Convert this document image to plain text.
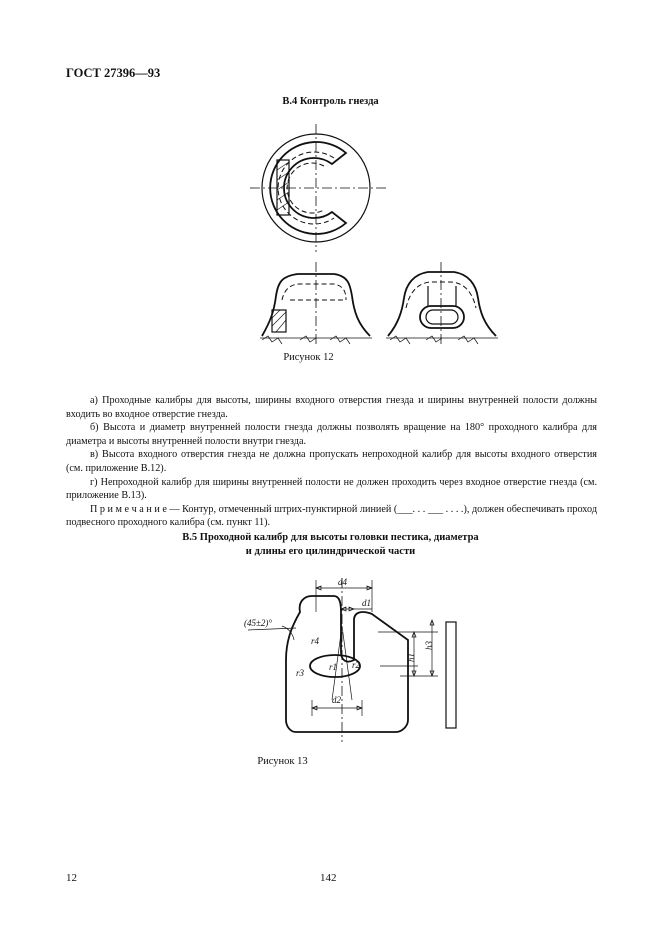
ГОСТ 27396—93
В.4 Контроль гнезда
Рисунок 12

а) Проходные калибры для высоты, ширины входного отверстия гнезда и ширины внутренней полости должны входить во входное отверстие гнезда.

б) Высота и диаметр внутренней полости гнезда должны позволять вращение на 180° проходного калибра для диаметра и высоты внутренней полости внутри гнезда.

в) Высота входного отверстия гнезда не должна пропускать непроходной калибр для высоты входного отверстия (см. приложение В.12).

г) Непроходной калибр для ширины внутренней полости не должен проходить через входное отверстие гнезда (см. приложение В.13).

П р и м е ч а н и е — Контур, отмеченный штрих-пунктирной линией (___. . . ___ . . . .), должен обеспечивать проход подвесного проходного калибра (см. пункт 11).

В.5 Проходной калибр для высоты головки пестика, диаметра
и длины его цилиндрической части
d4
d1
d2
(45±2)°
r4
r3
r1 r2
h1
h3
Рисунок 13
12	142
